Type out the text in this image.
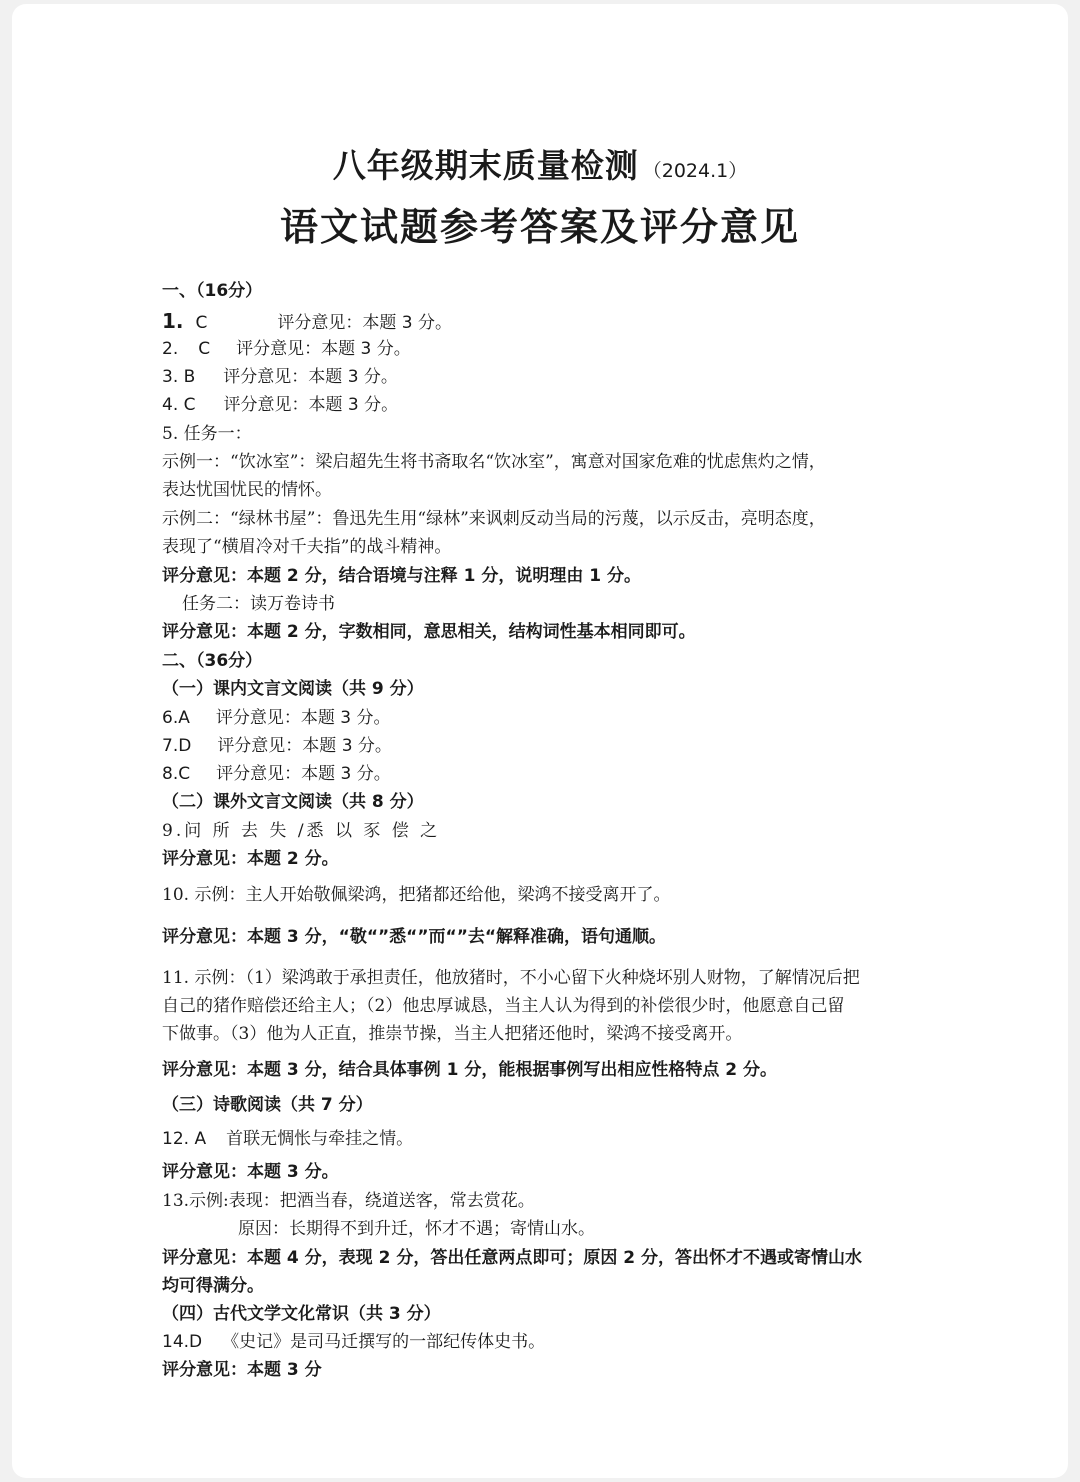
八年级期末质量检测 （2024.1）
语文试题参考答案及评分意见
一、（16分）
1. C	评分意见：本题 3 分。
2. C 评分意见：本题 3 分。
3. B 评分意见：本题 3 分。
4. C 评分意见：本题 3 分。
5. 任务一：
示例一：“饮冰室”：梁启超先生将书斋取名“饮冰室”，寓意对国家危难的忧虑焦灼之情，
表达忧国忧民的情怀。
示例二：“绿林书屋”：鲁迅先生用“绿林”来讽刺反动当局的污蔑，以示反击，亮明态度，
表现了“横眉冷对千夫指”的战斗精神。
评分意见：本题 2 分，结合语境与注释 1 分，说明理由 1 分。
任务二：读万卷诗书
评分意见：本题 2 分，字数相同，意思相关，结构词性基本相同即可。
二、（36分）
（一）课内文言文阅读（共 9 分）
6.A 评分意见：本题 3 分。
7.D 评分意见：本题 3 分。
8.C 评分意见：本题 3 分。
（二）课外文言文阅读（共 8 分）
9.问 所 去 失 /悉 以 豕 偿 之
评分意见：本题 2 分。
10. 示例：主人开始敬佩梁鸿，把猪都还给他，梁鸿不接受离开了。
评分意见：本题 3 分，“敬“”悉“”而“”去“解释准确，语句通顺。
11. 示例：（1）梁鸿敢于承担责任，他放猪时，不小心留下火种烧坏别人财物，了解情况后把
自己的猪作赔偿还给主人；（2）他忠厚诚恳，当主人认为得到的补偿很少时，他愿意自己留
下做事。（3）他为人正直，推崇节操，当主人把猪还他时，梁鸿不接受离开。
评分意见：本题 3 分，结合具体事例 1 分，能根据事例写出相应性格特点 2 分。
（三）诗歌阅读（共 7 分）
12. A 首联无惆怅与牵挂之情。
评分意见：本题 3 分。
13.示例:表现：把酒当春，绕道送客，常去赏花。
原因：长期得不到升迁，怀才不遇；寄情山水。
评分意见：本题 4 分，表现 2 分，答出任意两点即可；原因 2 分，答出怀才不遇或寄情山水
均可得满分。
（四）古代文学文化常识（共 3 分）
14.D 《史记》是司马迁撰写的一部纪传体史书。
评分意见：本题 3 分
